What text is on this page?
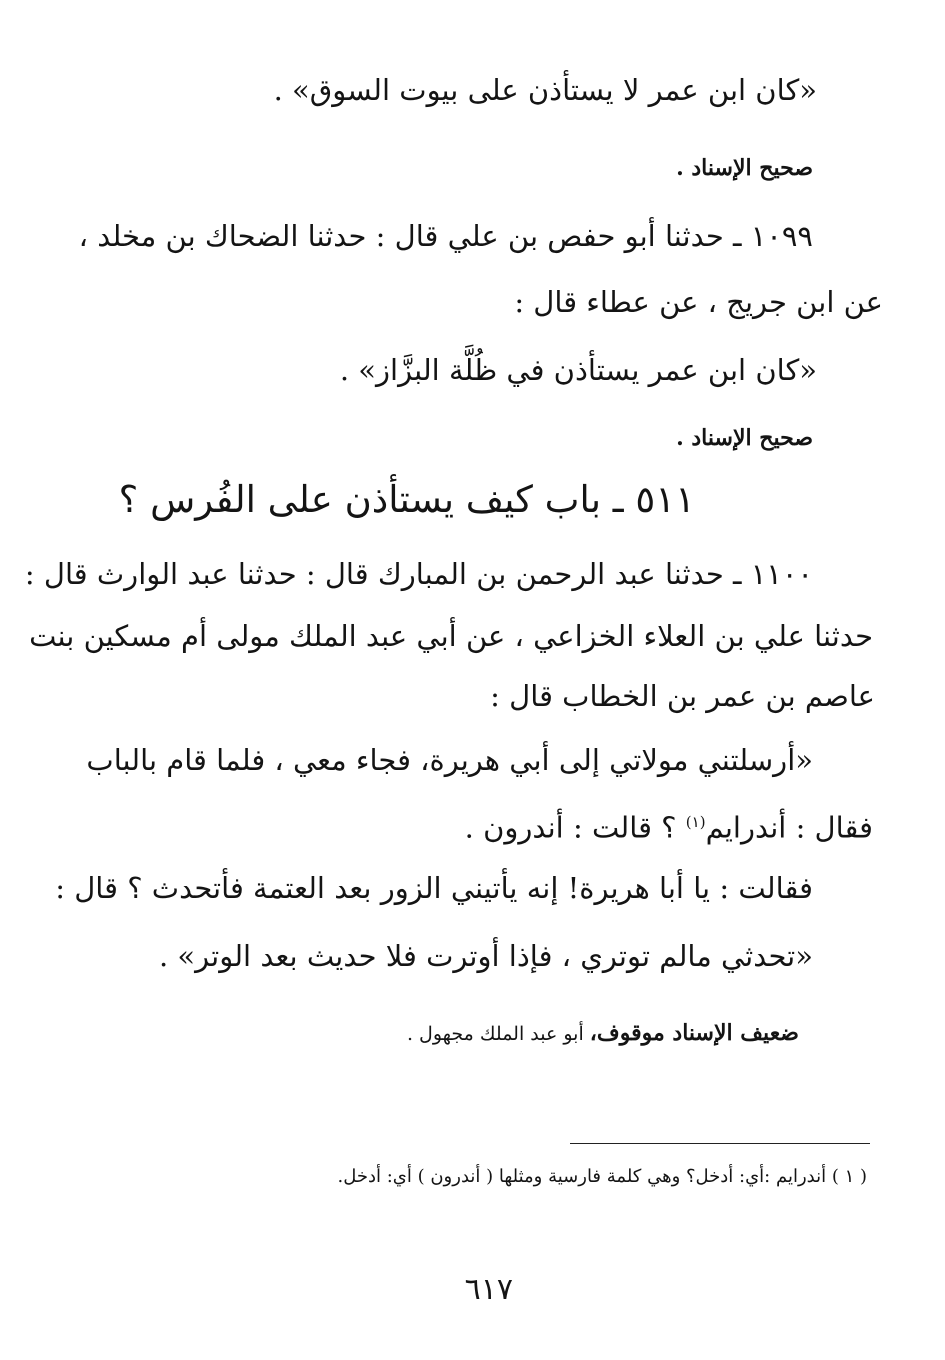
«كان ابن عمر لا يستأذن على بيوت السوق» .
صحيح الإسناد .
١٠٩٩ ـ حدثنا أبو حفص بن علي قال : حدثنا الضحاك بن مخلد ،
عن ابن جريج ، عن عطاء قال :
«كان ابن عمر يستأذن في ظُلَّة البزَّاز» .
صحيح الإسناد .
٥١١ ـ باب كيف يستأذن على الفُرس ؟
١١٠٠ ـ حدثنا عبد الرحمن بن المبارك قال : حدثنا عبد الوارث قال :
حدثنا علي بن العلاء الخزاعي ، عن أبي عبد الملك مولى أم مسكين بنت
عاصم بن عمر بن الخطاب قال :
«أرسلتني مولاتي إلى أبي هريرة، فجاء معي ، فلما قام بالباب
فقال : أندرايم$^{(١)}$ ؟ قالت : أندرون .
فقالت : يا أبا هريرة! إنه يأتيني الزور بعد العتمة فأتحدث ؟ قال :
«تحدثي مالم توتري ، فإذا أوترت فلا حديث بعد الوتر» .
ضعيف الإسناد موقوف، أبو عبد الملك مجهول .
( ١ ) أندرايم :أي: أدخل؟ وهي كلمة فارسية ومثلها ( أندرون ) أي: أدخل.
٦١٧
